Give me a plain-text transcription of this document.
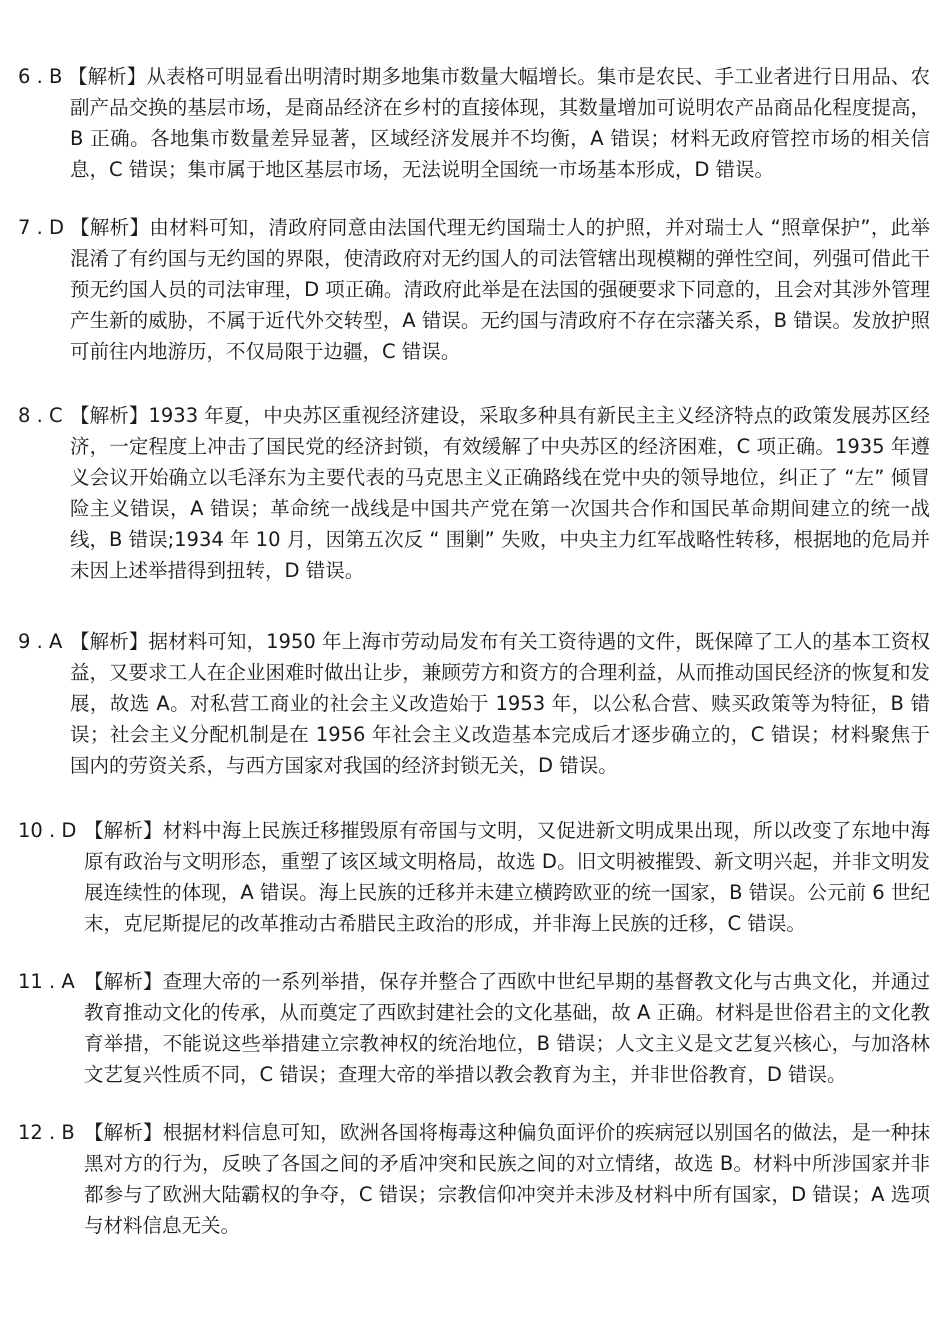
6 . B 【解析】从表格可明显看出明清时期多地集市数量大幅增长。集市是农民、手工业者进行日用品、农副产品交换的基层市场，是商品经济在乡村的直接体现，其数量增加可说明农产品商品化程度提高，B 正确。各地集市数量差异显著，区域经济发展并不均衡，A 错误；材料无政府管控市场的相关信息，C 错误；集市属于地区基层市场，无法说明全国统一市场基本形成，D 错误。
7 . D 【解析】由材料可知，清政府同意由法国代理无约国瑞士人的护照，并对瑞士人 “照章保护”，此举混淆了有约国与无约国的界限，使清政府对无约国人的司法管辖出现模糊的弹性空间，列强可借此干预无约国人员的司法审理，D 项正确。清政府此举是在法国的强硬要求下同意的，且会对其涉外管理产生新的威胁，不属于近代外交转型，A 错误。无约国与清政府不存在宗藩关系，B 错误。发放护照可前往内地游历，不仅局限于边疆，C 错误。
8 . C 【解析】1933 年夏，中央苏区重视经济建设，采取多种具有新民主主义经济特点的政策发展苏区经济，一定程度上冲击了国民党的经济封锁，有效缓解了中央苏区的经济困难，C 项正确。1935 年遵义会议开始确立以毛泽东为主要代表的马克思主义正确路线在党中央的领导地位，纠正了 “左” 倾冒险主义错误，A 错误；革命统一战线是中国共产党在第一次国共合作和国民革命期间建立的统一战线，B 错误;1934 年 10 月，因第五次反 “ 围剿” 失败，中央主力红军战略性转移，根据地的危局并未因上述举措得到扭转，D 错误。
9 . A 【解析】据材料可知，1950 年上海市劳动局发布有关工资待遇的文件，既保障了工人的基本工资权益，又要求工人在企业困难时做出让步，兼顾劳方和资方的合理利益，从而推动国民经济的恢复和发展，故选 A。对私营工商业的社会主义改造始于 1953 年，以公私合营、赎买政策等为特征，B 错误；社会主义分配机制是在 1956 年社会主义改造基本完成后才逐步确立的，C 错误；材料聚焦于国内的劳资关系，与西方国家对我国的经济封锁无关，D 错误。
10 . D 【解析】材料中海上民族迁移摧毁原有帝国与文明，又促进新文明成果出现，所以改变了东地中海原有政治与文明形态，重塑了该区域文明格局，故选 D。旧文明被摧毁、新文明兴起，并非文明发展连续性的体现，A 错误。海上民族的迁移并未建立横跨欧亚的统一国家，B 错误。公元前 6 世纪末，克尼斯提尼的改革推动古希腊民主政治的形成，并非海上民族的迁移，C 错误。
11 . A 【解析】查理大帝的一系列举措，保存并整合了西欧中世纪早期的基督教文化与古典文化，并通过教育推动文化的传承，从而奠定了西欧封建社会的文化基础，故 A 正确。材料是世俗君主的文化教育举措，不能说这些举措建立宗教神权的统治地位，B 错误；人文主义是文艺复兴核心，与加洛林文艺复兴性质不同，C 错误；查理大帝的举措以教会教育为主，并非世俗教育，D 错误。
12 . B 【解析】根据材料信息可知，欧洲各国将梅毒这种偏负面评价的疾病冠以别国名的做法，是一种抹黑对方的行为，反映了各国之间的矛盾冲突和民族之间的对立情绪，故选 B。材料中所涉国家并非都参与了欧洲大陆霸权的争夺，C 错误；宗教信仰冲突并未涉及材料中所有国家，D 错误；A 选项与材料信息无关。
